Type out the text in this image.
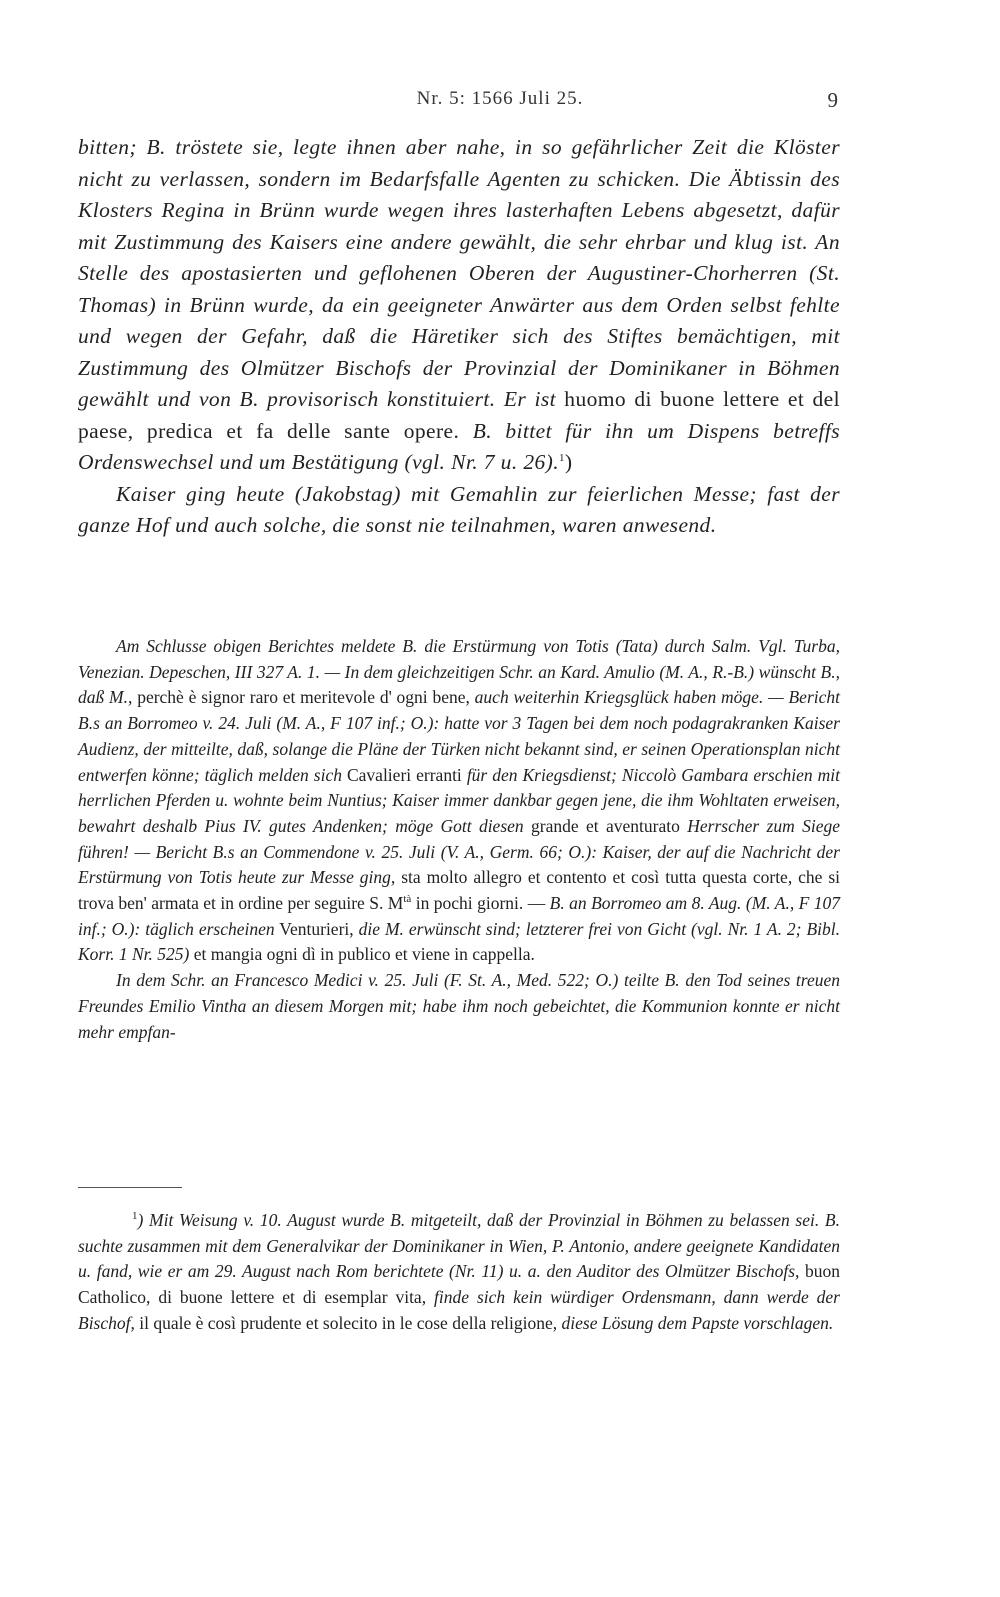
Nr. 5: 1566 Juli 25.	9

bitten; B. tröstete sie, legte ihnen aber nahe, in so gefährlicher Zeit die Klöster nicht zu verlassen, sondern im Bedarfsfalle Agenten zu schicken. Die Äbtissin des Klosters Regina in Brünn wurde wegen ihres lasterhaften Lebens abgesetzt, dafür mit Zustimmung des Kaisers eine andere gewählt, die sehr ehrbar und klug ist. An Stelle des apostasierten und geflohenen Oberen der Augustiner-Chorherren (St. Thomas) in Brünn wurde, da ein geeigneter Anwärter aus dem Orden selbst fehlte und wegen der Gefahr, daß die Häretiker sich des Stiftes bemächtigen, mit Zustimmung des Olmützer Bischofs der Provinzial der Dominikaner in Böhmen gewählt und von B. provisorisch konstituiert. Er ist huomo di buone lettere et del paese, predica et fa delle sante opere. B. bittet für ihn um Dispens betreffs Ordenswechsel und um Bestätigung (vgl. Nr. 7 u. 26).$^1$)

Kaiser ging heute (Jakobstag) mit Gemahlin zur feierlichen Messe; fast der ganze Hof und auch solche, die sonst nie teilnahmen, waren anwesend.

Am Schlusse obigen Berichtes meldete B. die Erstürmung von Totis (Tata) durch Salm. Vgl. Turba, Venezian. Depeschen, III 327 A. 1. — In dem gleichzeitigen Schr. an Kard. Amulio (M. A., R.-B.) wünscht B., daß M., perchè è signor raro et meritevole d' ogni bene, auch weiterhin Kriegsglück haben möge. — Bericht B.s an Borromeo v. 24. Juli (M. A., F 107 inf.; O.): hatte vor 3 Tagen bei dem noch podagrakranken Kaiser Audienz, der mitteilte, daß, solange die Pläne der Türken nicht bekannt sind, er seinen Operationsplan nicht entwerfen könne; täglich melden sich Cavalieri erranti für den Kriegsdienst; Niccolò Gambara erschien mit herrlichen Pferden u. wohnte beim Nuntius; Kaiser immer dankbar gegen jene, die ihm Wohltaten erweisen, bewahrt deshalb Pius IV. gutes Andenken; möge Gott diesen grande et aventurato Herrscher zum Siege führen! — Bericht B.s an Commendone v. 25. Juli (V. A., Germ. 66; O.): Kaiser, der auf die Nachricht der Erstürmung von Totis heute zur Messe ging, sta molto allegro et contento et così tutta questa corte, che si trova ben' armata et in ordine per seguire S. $M^{tà}$ in pochi giorni. — B. an Borromeo am 8. Aug. (M. A., F 107 inf.; O.): täglich erscheinen Venturieri, die M. erwünscht sind; letzterer frei von Gicht (vgl. Nr. 1 A. 2; Bibl. Korr. 1 Nr. 525) et mangia ogni dì in publico et viene in cappella.

In dem Schr. an Francesco Medici v. 25. Juli (F. St. A., Med. 522; O.) teilte B. den Tod seines treuen Freundes Emilio Vintha an diesem Morgen mit; habe ihm noch gebeichtet, die Kommunion konnte er nicht mehr empfan-

$^1$) Mit Weisung v. 10. August wurde B. mitgeteilt, daß der Provinzial in Böhmen zu belassen sei. B. suchte zusammen mit dem Generalvikar der Dominikaner in Wien, P. Antonio, andere geeignete Kandidaten u. fand, wie er am 29. August nach Rom berichtete (Nr. 11) u. a. den Auditor des Olmützer Bischofs, buon Catholico, di buone lettere et di esemplar vita, finde sich kein würdiger Ordensmann, dann werde der Bischof, il quale è così prudente et solecito in le cose della religione, diese Lösung dem Papste vorschlagen.
